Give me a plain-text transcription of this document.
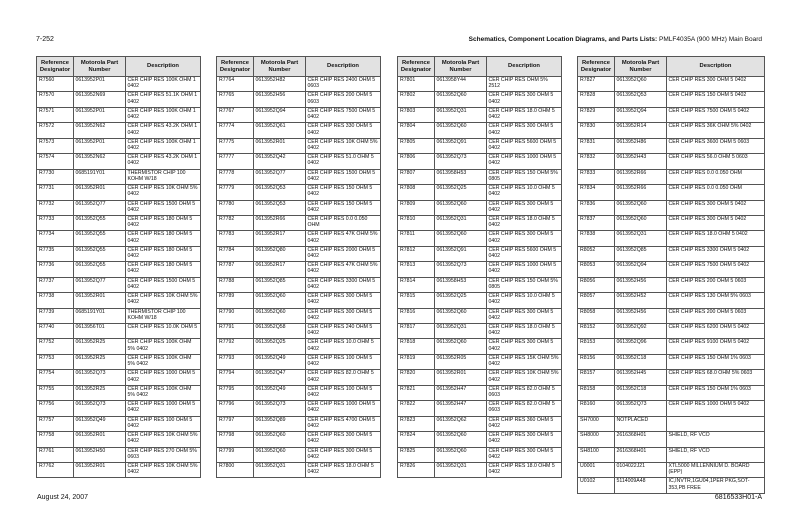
7-252	Schematics, Component Location Diagrams, and Parts Lists: PMLF4035A (900 MHz) Main Board
Reference Designator	Motorola Part Number	Description
R7560	0613952P01	CER CHIP RES 100K OHM 1 0402
R7570	0613952N69	CER CHIP RES 51.1K OHM 1 0402
R7571	0613952P01	CER CHIP RES 100K OHM 1 0402
R7572	0613952N62	CER CHIP RES 43.2K OHM 1 0402
R7573	0613952P01	CER CHIP RES 100K OHM 1 0402
R7574	0613952N62	CER CHIP RES 43.2K OHM 1 0402
R7730	0685191Y01	THERMISTOR CHIP 100 KOHM W/18
R7731	0613952R01	CER CHIP RES 10K OHM 5% 0402
R7732	0613952Q77	CER CHIP RES 1500 OHM 5 0402
R7733	0613952Q55	CER CHIP RES 180 OHM 5 0402
R7734	0613952Q55	CER CHIP RES 180 OHM 5 0402
R7735	0613952Q55	CER CHIP RES 180 OHM 5 0402
R7736	0613952Q55	CER CHIP RES 180 OHM 5 0402
R7737	0613952Q77	CER CHIP RES 1500 OHM 5 0402
R7738	0613952R01	CER CHIP RES 10K OHM 5% 0402
R7739	0685191Y01	THERMISTOR CHIP 100 KOHM W/18
R7740	0613956T01	CER CHIP RES 10.0K OHM 5
R7752	0613952R25	CER CHIP RES 100K OHM 5% 0402
R7753	0613952R25	CER CHIP RES 100K OHM 5% 0402
R7754	0613952Q73	CER CHIP RES 1000 OHM 5 0402
R7755	0613952R25	CER CHIP RES 100K OHM 5% 0402
R7756	0613952Q73	CER CHIP RES 1000 OHM 5 0402
R7757	0613952Q49	CER CHIP RES 100 OHM 5 0402
R7758	0613952R01	CER CHIP RES 10K OHM 5% 0402
R7761	0613952H50	CER CHIP RES 270 OHM 5% 0603
R7762	0613952R01	CER CHIP RES 10K OHM 5% 0402
Reference Designator	Motorola Part Number	Description
R7764	0613952H82	CER CHIP RES 2400 OHM 5 0603
R7765	0613952H56	CER CHIP RES 200 OHM 5 0603
R7767	0613952Q94	CER CHIP RES 7500 OHM 5 0402
R7774	0613952Q61	CER CHIP RES 330 OHM 5 0402
R7775	0613952R01	CER CHIP RES 10K OHM 5% 0402
R7777	0613952Q42	CER CHIP RES 51.0 OHM 5 0402
R7778	0613952Q77	CER CHIP RES 1500 OHM 5 0402
R7779	0613952Q53	CER CHIP RES 150 OHM 5 0402
R7780	0613952Q53	CER CHIP RES 150 OHM 5 0402
R7782	0613952R66	CER CHIP RES 0.0 0.050 OHM
R7783	0613952R17	CER CHIP RES 47K OHM 5% 0402
R7784	0613952Q80	CER CHIP RES 2000 OHM 5 0402
R7787	0613952R17	CER CHIP RES 47K OHM 5% 0402
R7788	0613952Q85	CER CHIP RES 3300 OHM 5 0402
R7789	0613952Q60	CER CHIP RES 300 OHM 5 0402
R7790	0613952Q60	CER CHIP RES 300 OHM 5 0402
R7791	0613952Q58	CER CHIP RES 240 OHM 5 0402
R7792	0613952Q25	CER CHIP RES 10.0 OHM 5 0402
R7793	0613952Q49	CER CHIP RES 100 OHM 5 0402
R7794	0613952Q47	CER CHIP RES 82.0 OHM 5 0402
R7795	0613952Q49	CER CHIP RES 100 OHM 5 0402
R7796	0613952Q73	CER CHIP RES 1000 OHM 5 0402
R7797	0613952Q89	CER CHIP RES 4700 OHM 5 0402
R7798	0613952Q60	CER CHIP RES 300 OHM 5 0402
R7799	0613952Q60	CER CHIP RES 300 OHM 5 0402
R7800	0613952Q31	CER CHIP RES 18.0 OHM 5 0402
Reference Designator	Motorola Part Number	Description
R7801	0613958Y44	CER CHIP RES OHM 5% 2512
R7802	0613952Q60	CER CHIP RES 300 OHM 5 0402
R7803	0613952Q31	CER CHIP RES 18.0 OHM 5 0402
R7804	0613952Q60	CER CHIP RES 300 OHM 5 0402
R7805	0613952Q91	CER CHIP RES 5600 OHM 5 0402
R7806	0613952Q73	CER CHIP RES 1000 OHM 5 0402
R7807	0613958H53	CER CHIP RES 150 OHM 5% 0805
R7808	0613952Q25	CER CHIP RES 10.0 OHM 5 0402
R7809	0613952Q60	CER CHIP RES 300 OHM 5 0402
R7810	0613952Q31	CER CHIP RES 18.0 OHM 5 0402
R7811	0613952Q60	CER CHIP RES 300 OHM 5 0402
R7812	0613952Q91	CER CHIP RES 5600 OHM 5 0402
R7813	0613952Q73	CER CHIP RES 1000 OHM 5 0402
R7814	0613958H53	CER CHIP RES 150 OHM 5% 0805
R7815	0613952Q25	CER CHIP RES 10.0 OHM 5 0402
R7816	0613952Q60	CER CHIP RES 300 OHM 5 0402
R7817	0613952Q31	CER CHIP RES 18.0 OHM 5 0402
R7818	0613952Q60	CER CHIP RES 300 OHM 5 0402
R7819	0613952R05	CER CHIP RES 15K OHM 5% 0402
R7820	0613952R01	CER CHIP RES 10K OHM 5% 0402
R7821	0613952H47	CER CHIP RES 82.0 OHM 5 0603
R7822	0613952H47	CER CHIP RES 82.0 OHM 5 0603
R7823	0613952Q62	CER CHIP RES 360 OHM 5 0402
R7824	0613952Q60	CER CHIP RES 300 OHM 5 0402
R7825	0613952Q60	CER CHIP RES 300 OHM 5 0402
R7826	0613952Q31	CER CHIP RES 18.0 OHM 5 0402
Reference Designator	Motorola Part Number	Description
R7827	0613952Q60	CER CHIP RES 300 OHM 5 0402
R7828	0613952Q53	CER CHIP RES 150 OHM 5 0402
R7829	0613952Q94	CER CHIP RES 7500 OHM 5 0402
R7830	0613952R14	CER CHIP RES 36K OHM 5% 0402
R7831	0613952H86	CER CHIP RES 3600 OHM 5 0603
R7832	0613952H43	CER CHIP RES 56.0 OHM 5 0603
R7833	0613952R66	CER CHIP RES 0.0 0.050 OHM
R7834	0613952R66	CER CHIP RES 0.0 0.050 OHM
R7836	0613952Q60	CER CHIP RES 300 OHM 5 0402
R7837	0613952Q60	CER CHIP RES 300 OHM 5 0402
R7838	0613952Q31	CER CHIP RES 18.0 OHM 5 0402
R8052	0613952Q85	CER CHIP RES 3300 OHM 5 0402
R8053	0613952Q94	CER CHIP RES 7500 OHM 5 0402
R8056	0613952H56	CER CHIP RES 200 OHM 5 0603
R8057	0613952H52	CER CHIP RES 130 OHM 5% 0603
R8058	0613952H56	CER CHIP RES 200 OHM 5 0603
R8152	0613952Q92	CER CHIP RES 6200 OHM 5 0402
R8153	0613952Q96	CER CHIP RES 9100 OHM 5 0402
R8156	0613952C18	CER CHIP RES 150 OHM 1% 0603
R8157	0613952H45	CER CHIP RES 68.0 OHM 5% 0603
R8158	0613952C18	CER CHIP RES 150 OHM 1% 0603
R8160	0613952Q73	CER CHIP RES 1000 OHM 5 0402
SH7000	NOTPLACED	
SH8000	2616368H01	SHIELD, RF VCO
SH8100	2616368H01	SHIELD, RF VCO
U0001	0104022J21	XTL5000 MILLENNIUM D. BOARD (EPP)
U0102	5114009A48	IC,INVTR,1GU04,1PER PKG,SOT-353,PB FREE
August 24, 2007	6816533H01-A
